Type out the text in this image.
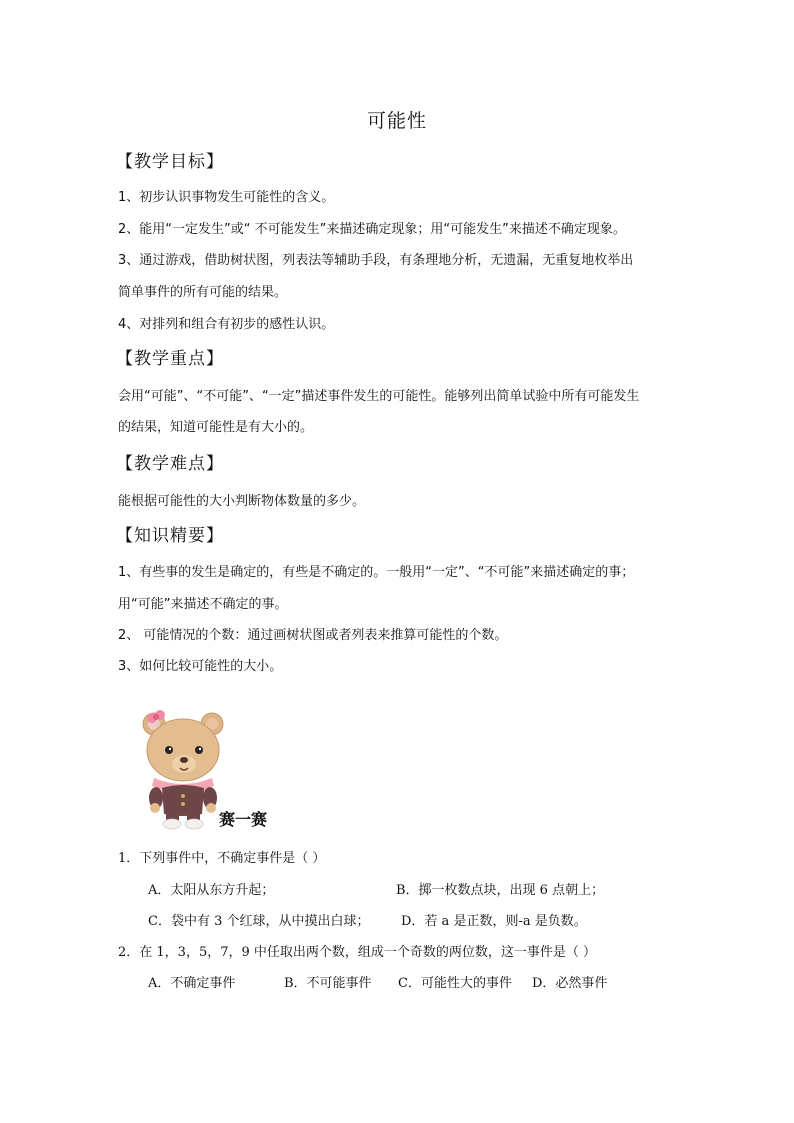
可能性
【教学目标】
1、初步认识事物发生可能性的含义。
2、能用“一定发生”或“ 不可能发生”来描述确定现象；用“可能发生”来描述不确定现象。
3、通过游戏，借助树状图，列表法等辅助手段，有条理地分析，无遗漏，无重复地枚举出
简单事件的所有可能的结果。
4、对排列和组合有初步的感性认识。
【教学重点】
会用“可能”、“不可能”、“一定”描述事件发生的可能性。能够列出简单试验中所有可能发生
的结果，知道可能性是有大小的。
【教学难点】
能根据可能性的大小判断物体数量的多少。
【知识精要】
1、有些事的发生是确定的，有些是不确定的。一般用“一定”、“不可能”来描述确定的事；
用“可能”来描述不确定的事。
2、 可能情况的个数：通过画树状图或者列表来推算可能性的个数。
3、如何比较可能性的大小。
赛一赛
1．下列事件中，不确定事件是（ ）
A．太阳从东方升起；	B．掷一枚数点块，出现 6 点朝上；
C．袋中有 3 个红球，从中摸出白球； D．若 a 是正数，则-a 是负数。
2．在 1，3，5，7，9 中任取出两个数，组成一个奇数的两位数，这一事件是（ ）
A．不确定事件	B．不可能事件 C．可能性大的事件 D．必然事件
